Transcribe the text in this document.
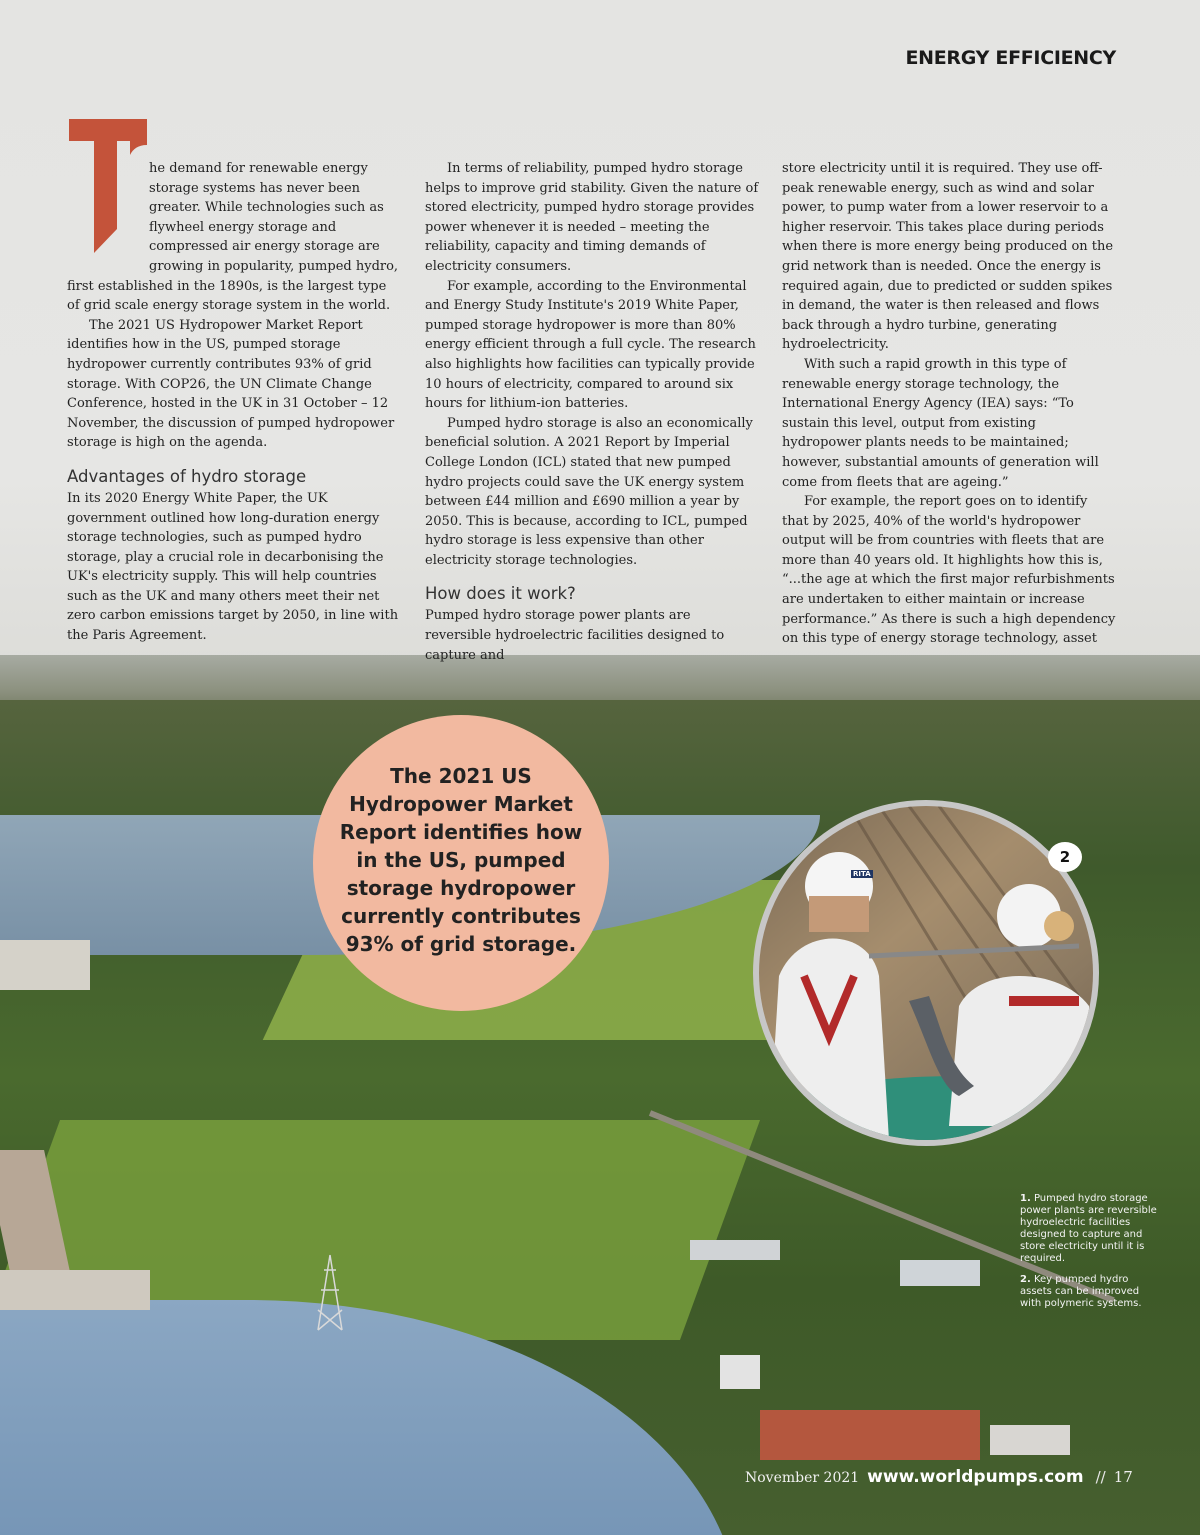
ENERGY EFFICIENCY

he demand for renewable energy storage systems has never been greater. While technologies such as flywheel energy storage and compressed air energy storage are growing in popularity, pumped hydro, first established in the 1890s, is the largest type of grid scale energy storage system in the world.

The 2021 US Hydropower Market Report identifies how in the US, pumped storage hydropower currently contributes 93% of grid storage. With COP26, the UN Climate Change Conference, hosted in the UK in 31 October – 12 November, the discussion of pumped hydropower storage is high on the agenda.

Advantages of hydro storage

In its 2020 Energy White Paper, the UK government outlined how long-duration energy storage technologies, such as pumped hydro storage, play a crucial role in decarbonising the UK's electricity supply. This will help countries such as the UK and many others meet their net zero carbon emissions target by 2050, in line with the Paris Agreement.

In terms of reliability, pumped hydro storage helps to improve grid stability. Given the nature of stored electricity, pumped hydro storage provides power whenever it is needed – meeting the reliability, capacity and timing demands of electricity consumers.

For example, according to the Environmental and Energy Study Institute's 2019 White Paper, pumped storage hydropower is more than 80% energy efficient through a full cycle. The research also highlights how facilities can typically provide 10 hours of electricity, compared to around six hours for lithium-ion batteries.

Pumped hydro storage is also an economically beneficial solution. A 2021 Report by Imperial College London (ICL) stated that new pumped hydro projects could save the UK energy system between £44 million and £690 million a year by 2050. This is because, according to ICL, pumped hydro storage is less expensive than other electricity storage technologies.

How does it work?

Pumped hydro storage power plants are reversible hydroelectric facilities designed to capture and

store electricity until it is required. They use off-peak renewable energy, such as wind and solar power, to pump water from a lower reservoir to a higher reservoir. This takes place during periods when there is more energy being produced on the grid network than is needed. Once the energy is required again, due to predicted or sudden spikes in demand, the water is then released and flows back through a hydro turbine, generating hydroelectricity.

With such a rapid growth in this type of renewable energy storage technology, the International Energy Agency (IEA) says: “To sustain this level, output from existing hydropower plants needs to be maintained; however, substantial amounts of generation will come from fleets that are ageing.”

For example, the report goes on to identify that by 2025, 40% of the world's hydropower output will be from countries with fleets that are more than 40 years old. It highlights how this is, “...the age at which the first major refurbishments are undertaken to either maintain or increase performance.” As there is such a high dependency on this type of energy storage technology, asset

The 2021 US Hydropower Market Report identifies how in the US, pumped storage hydropower currently contributes 93% of grid storage.
RITA
2

1. Pumped hydro storage power plants are reversible hydroelectric facilities designed to capture and store electricity until it is required.

2. Key pumped hydro assets can be improved with polymeric systems.

November 2021 www.worldpumps.com // 17
